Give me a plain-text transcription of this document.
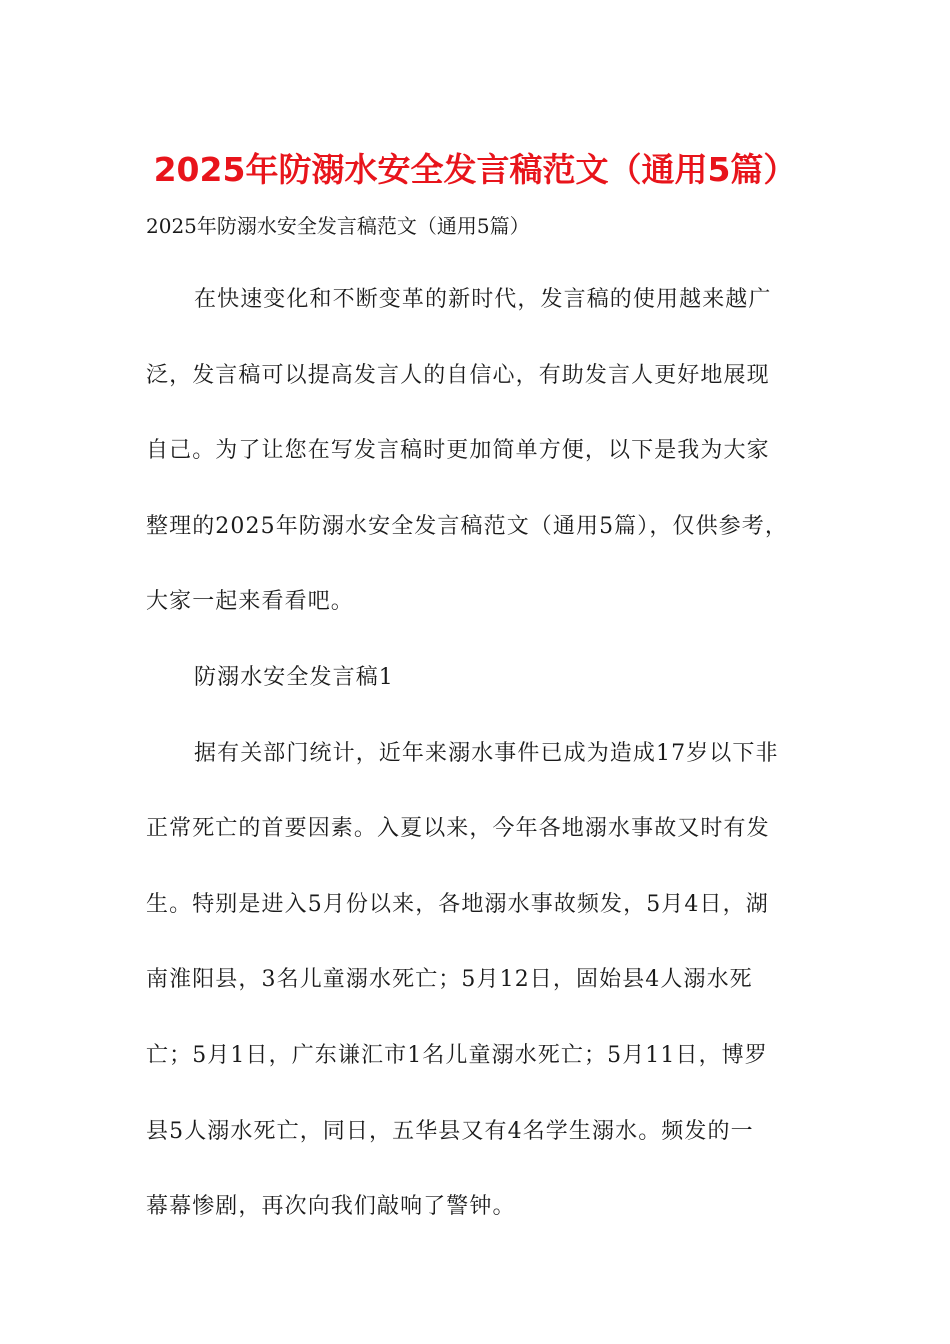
2025年防溺水安全发言稿范文（通用5篇）
2025年防溺水安全发言稿范文（通用5篇）
在快速变化和不断变革的新时代，发言稿的使用越来越广
泛，发言稿可以提高发言人的自信心，有助发言人更好地展现
自己。为了让您在写发言稿时更加简单方便，以下是我为大家
整理的2025年防溺水安全发言稿范文（通用5篇），仅供参考，
大家一起来看看吧。
防溺水安全发言稿1
据有关部门统计，近年来溺水事件已成为造成17岁以下非
正常死亡的首要因素。入夏以来，今年各地溺水事故又时有发
生。特别是进入5月份以来，各地溺水事故频发，5月4日，湖
南淮阳县，3名儿童溺水死亡；5月12日，固始县4人溺水死
亡；5月1日，广东谦汇市1名儿童溺水死亡；5月11日，博罗
县5人溺水死亡，同日，五华县又有4名学生溺水。频发的一
幕幕惨剧，再次向我们敲响了警钟。
